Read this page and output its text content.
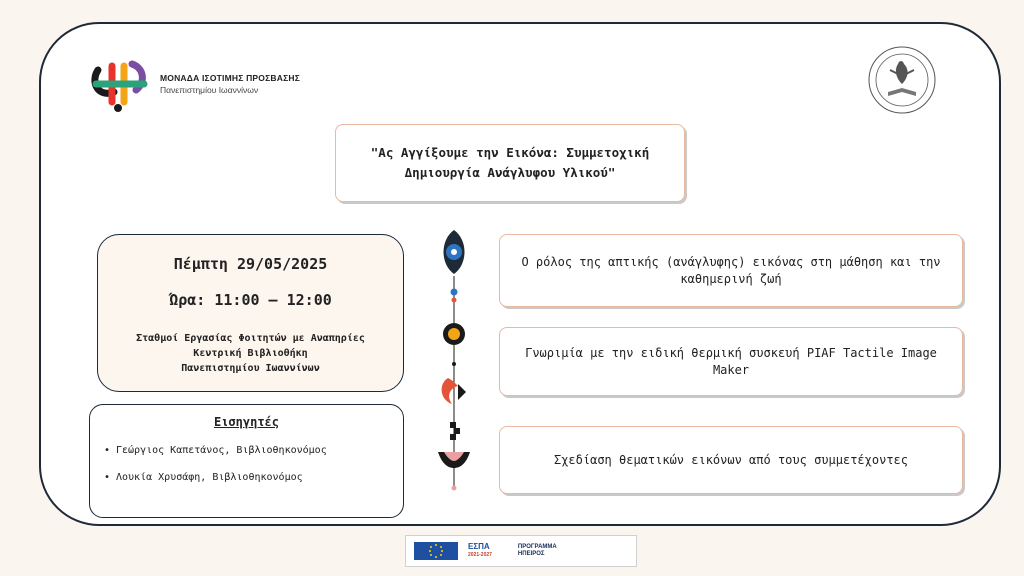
ΜΟΝΑΔΑ ΙΣΟΤΙΜΗΣ ΠΡΟΣΒΑΣΗΣ
Πανεπιστημίου Ιωαννίνων
"Ας Αγγίξουμε την Εικόνα: Συμμετοχική Δημιουργία Ανάγλυφου Υλικού"
Πέμπτη 29/05/2025
Ώρα: 11:00 – 12:00
Σταθμοί Εργασίας Φοιτητών με Αναπηρίες
Κεντρική Βιβλιοθήκη
Πανεπιστημίου Ιωαννίνων
Εισηγητές
• Γεώργιος Καπετάνος, Βιβλιοθηκονόμος
• Λουκία Χρυσάφη, Βιβλιοθηκονόμος
Ο ρόλος της απτικής (ανάγλυφης) εικόνας στη μάθηση και την καθημερινή ζωή
Γνωριμία με την ειδική θερμική συσκευή PIAF Tactile Image Maker
Σχεδίαση θεματικών εικόνων από τους συμμετέχοντες
ΕΣΠΑ
2021-2027
ΠΡΟΓΡΑΜΜΑ
ΗΠΕΙΡΟΣ
